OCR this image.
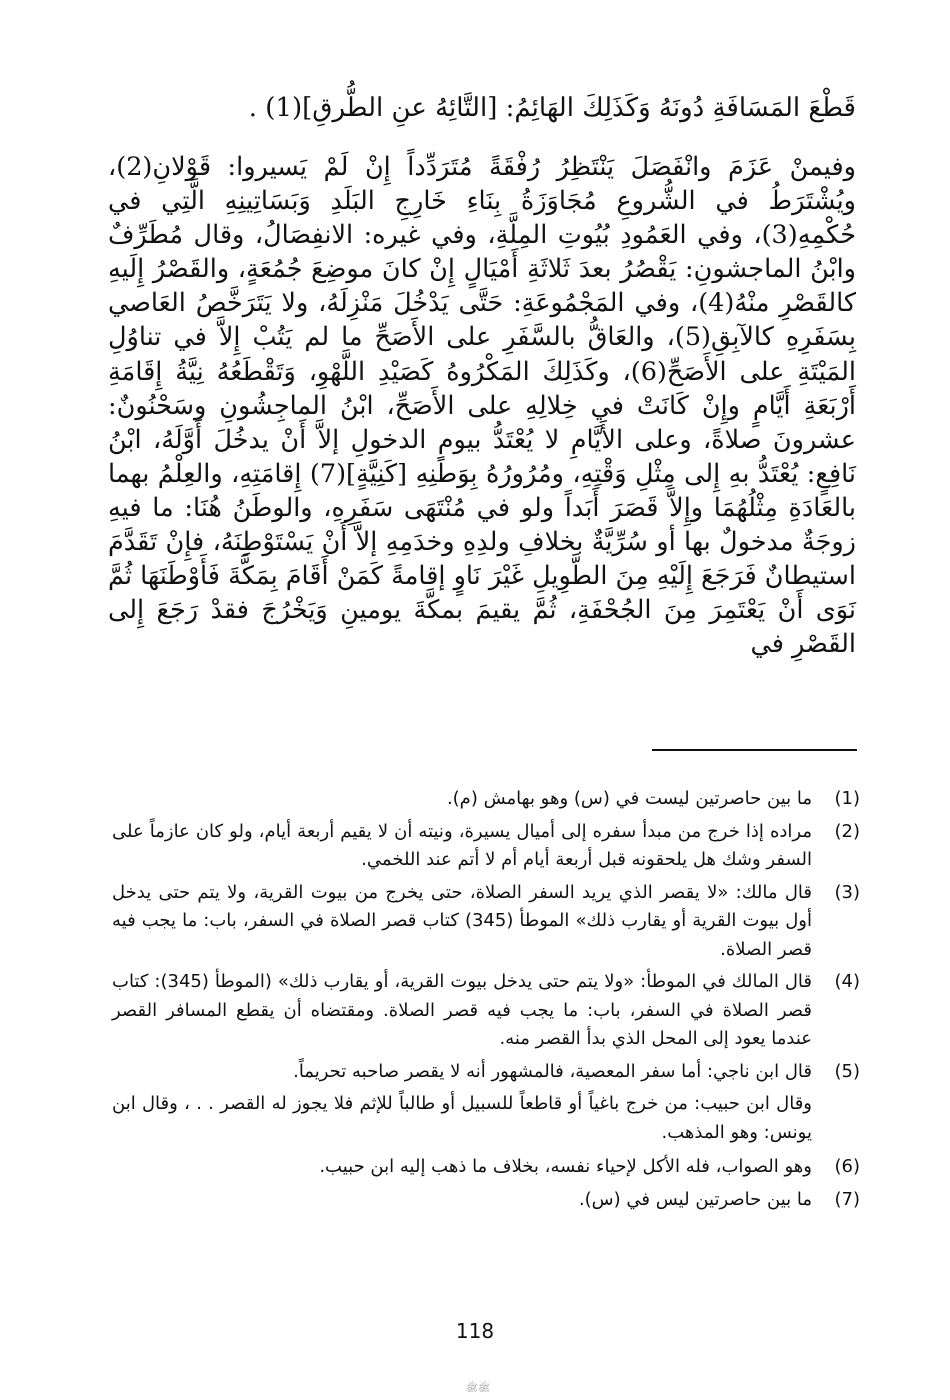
قَطْعَ المَسَافَةِ دُونَهُ وَكَذَلِكَ الهَائِمُ: [التَّائِهُ عنِ الطُّرقِ](1) .

وفيمنْ عَزَمَ وانْفَصَلَ يَنْتَظِرُ رُفْقَةً مُتَرَدِّداً إِنْ لَمْ يَسيروا: قَوْلانِ(2)، ويُشْتَرَطُ في الشُّروعِ مُجَاوَزَةُ بِنَاءِ خَارِجِ البَلَدِ وَبَسَاتِينِهِ الَّتِي في حُكْمِهِ(3)، وفي العَمُودِ بُيُوتِ المِلَّةِ، وفي غيره: الانفِصَالُ، وقال مُطَرِّفٌ وابْنُ الماجشونِ: يَقْصُرُ بعدَ ثَلاثَةِ أَمْيَالٍ إِنْ كانَ موضِعَ جُمُعَةٍ، والقَصْرُ إِلَيهِ كالقَصْرِ منْهُ(4)، وفي المَجْمُوعَةِ: حَتَّى يَدْخُلَ مَنْزِلَهُ، ولا يَتَرَخَّصُ العَاصي بِسَفَرِهِ كالآبِقِ(5)، والعَاقُّ بالسَّفَرِ على الأَصَحِّ ما لم يَتُبْ إِلاَّ في تناوُلِ المَيْتَةِ على الأَصَحِّ(6)، وكَذَلِكَ المَكْرُوهُ كَصَيْدِ اللَّهْوِ، وَتَقْطَعُهُ نِيَّةُ إِقَامَةِ أَرْبَعَةِ أَيَّامٍ وإِنْ كَانَتْ في خِلالِهِ على الأَصَحِّ، ابْنُ الماجِشُونِ وسَحْنُونٌ: عشرونَ صلاةً، وعلى الأَيَّامِ لا يُعْتَدُّ بيومِ الدخولِ إلاَّ أَنْ يدخُلَ أَوَّلَهُ، ابْنُ نَافِعٍ: يُعْتَدُّ بهِ إِلى مِثْلِ وَقْتِهِ، ومُرُورُهُ بِوَطَنِهِ [كَنِيَّةٍ](7) إِقامَتِهِ، والعِلْمُ بهما بالعَادَةِ مِثْلُهُمَا وإِلاَّ قَصَرَ أَبَداً ولو في مُنْتَهَى سَفَرِهِ، والوطَنُ هُنَا: ما فيهِ زوجَةٌ مدخولٌ بها أو سُرِّيَّةٌ بخلافِ ولدِهِ وخدَمِهِ إلاَّ أَنْ يَسْتَوْطِنَهُ، فإِنْ تَقَدَّمَ استيطانٌ فَرَجَعَ إِلَيْهِ مِنَ الطَّوِيلِ غَيْرَ نَاوٍ إقامةً كَمَنْ أَقَامَ بِمَكَّةَ فَأَوْطَنَهَا ثُمَّ نَوَى أَنْ يَعْتَمِرَ مِنَ الجُحْفَةِ، ثُمَّ يقيمَ بمكَّةَ يومينِ وَيَخْرُجَ فقدْ رَجَعَ إِلى القَصْرِ في

(1)
ما بين حاصرتين ليست في (س) وهو بهامش (م).
(2)
مراده إذا خرج من مبدأ سفره إلى أميال يسيرة، ونيته أن لا يقيم أربعة أيام، ولو كان عازماً على السفر وشك هل يلحقونه قبل أربعة أيام أم لا أتم عند اللخمي.
(3)
قال مالك: «لا يقصر الذي يريد السفر الصلاة، حتى يخرج من بيوت القرية، ولا يتم حتى يدخل أول بيوت القرية أو يقارب ذلك» الموطأ (345) كتاب قصر الصلاة في السفر، باب: ما يجب فيه قصر الصلاة.
(4)
قال المالك في الموطأ: «ولا يتم حتى يدخل بيوت القرية، أو يقارب ذلك» (الموطأ (345): كتاب قصر الصلاة في السفر، باب: ما يجب فيه قصر الصلاة. ومقتضاه أن يقطع المسافر القصر عندما يعود إلى المحل الذي بدأ القصر منه.
(5)
قال ابن ناجي: أما سفر المعصية، فالمشهور أنه لا يقصر صاحبه تحريماً.
وقال ابن حبيب: من خرج باغياً أو قاطعاً للسبيل أو طالباً للإثم فلا يجوز له القصر . . ، وقال ابن يونس: وهو المذهب.
(6)
وهو الصواب، فله الأكل لإحياء نفسه، بخلاف ما ذهب إليه ابن حبيب.
(7)
ما بين حاصرتين ليس في (س).
118
ﷺﷺ
